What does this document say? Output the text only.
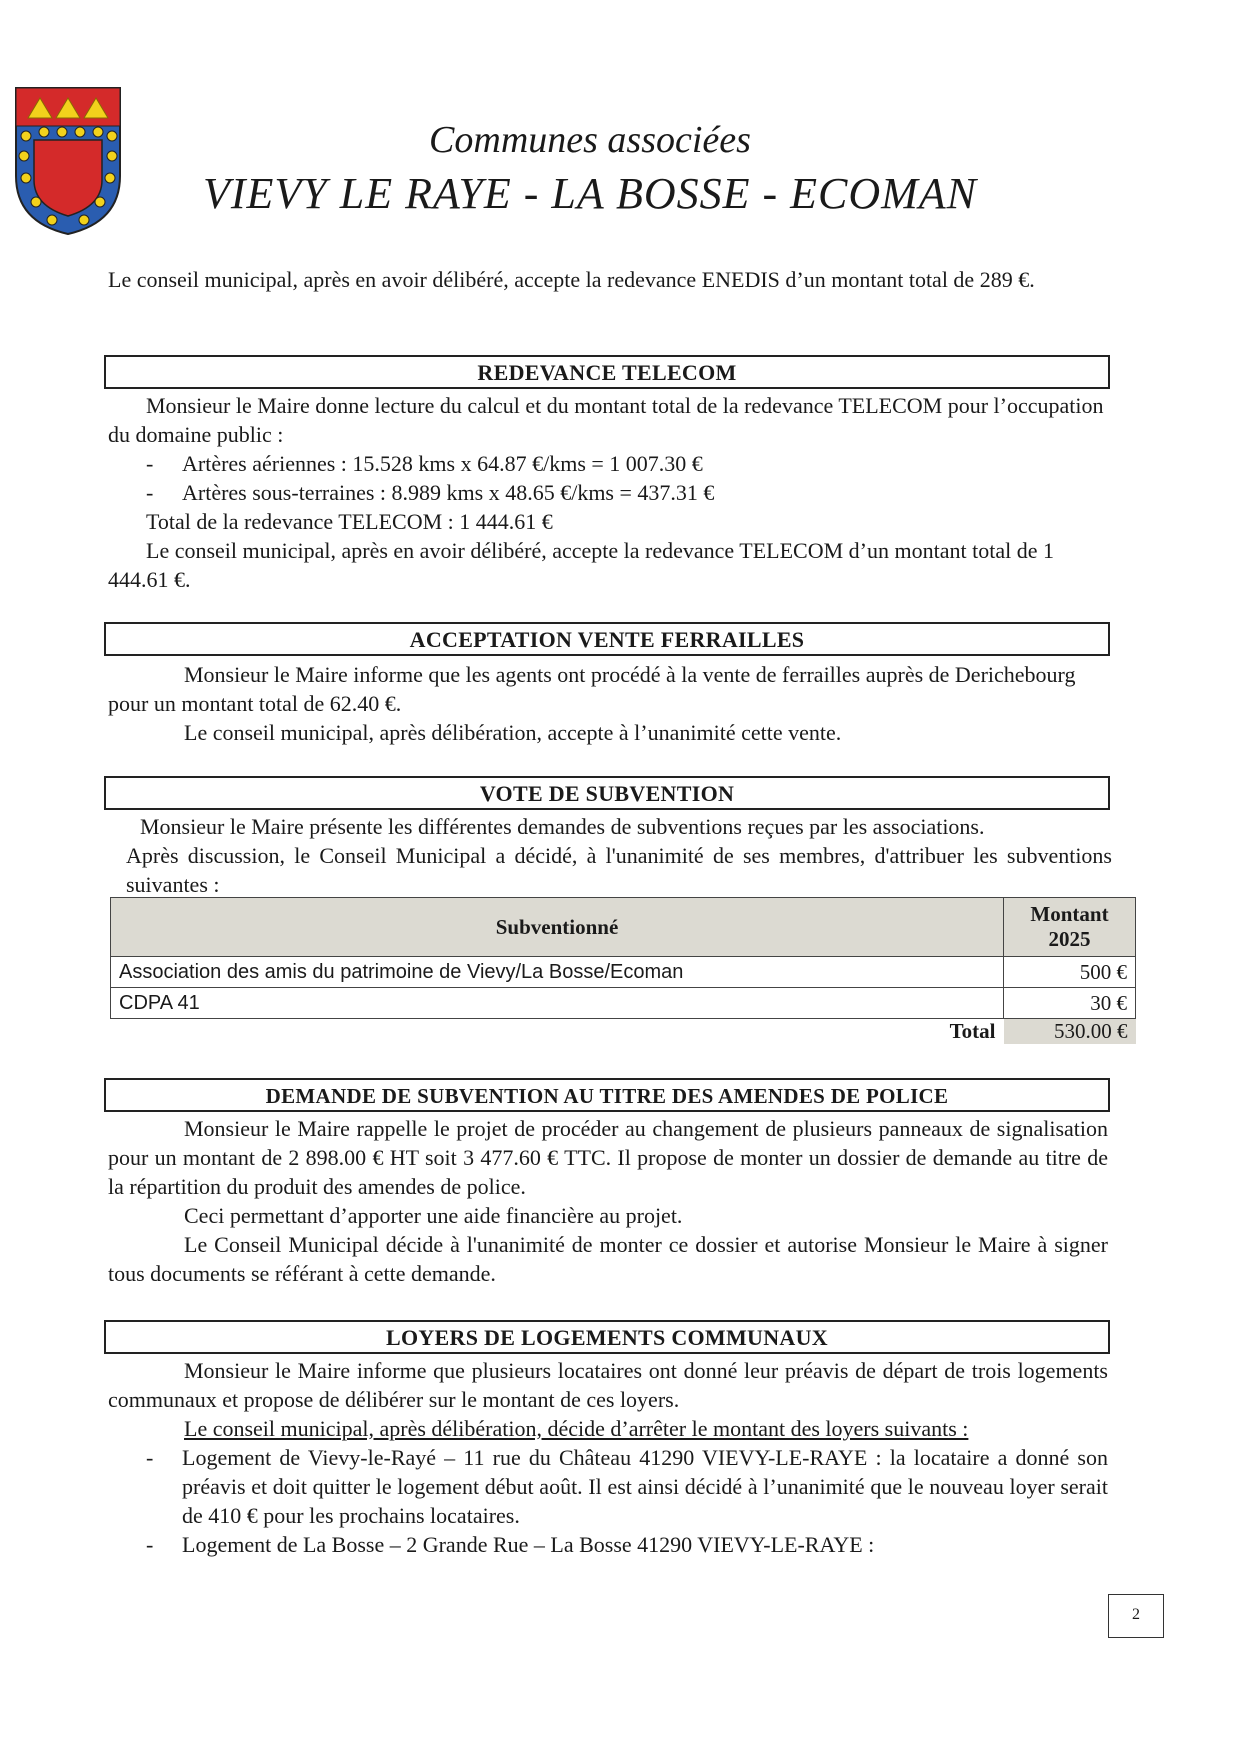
Communes associées
VIEVY LE RAYE - LA BOSSE - ECOMAN

Le conseil municipal, après en avoir délibéré, accepte la redevance ENEDIS d’un montant total de 289 €.

REDEVANCE TELECOM

Monsieur le Maire donne lecture du calcul et du montant total de la redevance TELECOM pour l’occupation du domaine public :

- Artères aériennes : 15.528 kms x 64.87 €/kms = 1 007.30 €
- Artères sous-terraines : 8.989 kms x 48.65 €/kms = 437.31 €

Total de la redevance TELECOM : 1 444.61 €

Le conseil municipal, après en avoir délibéré, accepte la redevance TELECOM d’un montant total de 1 444.61 €.

ACCEPTATION VENTE FERRAILLES

Monsieur le Maire informe que les agents ont procédé à la vente de ferrailles auprès de Derichebourg pour un montant total de 62.40 €.

Le conseil municipal, après délibération, accepte à l’unanimité cette vente.

VOTE DE SUBVENTION

Monsieur le Maire présente les différentes demandes de subventions reçues par les associations.

Après discussion, le Conseil Municipal a décidé, à l'unanimité de ses membres, d'attribuer les subventions suivantes :

Subventionné	Montant 2025
Association des amis du patrimoine de Vievy/La Bosse/Ecoman	500 €
CDPA 41	30 €
Total	530.00 €
DEMANDE DE SUBVENTION AU TITRE DES AMENDES DE POLICE

Monsieur le Maire rappelle le projet de procéder au changement de plusieurs panneaux de signalisation pour un montant de 2 898.00 € HT soit 3 477.60 € TTC. Il propose de monter un dossier de demande au titre de la répartition du produit des amendes de police.

Ceci permettant d’apporter une aide financière au projet.

Le Conseil Municipal décide à l'unanimité de monter ce dossier et autorise Monsieur le Maire à signer tous documents se référant à cette demande.

LOYERS DE LOGEMENTS COMMUNAUX

Monsieur le Maire informe que plusieurs locataires ont donné leur préavis de départ de trois logements communaux et propose de délibérer sur le montant de ces loyers.

Le conseil municipal, après délibération, décide d’arrêter le montant des loyers suivants :

- Logement de Vievy-le-Rayé – 11 rue du Château 41290 VIEVY-LE-RAYE : la locataire a donné son préavis et doit quitter le logement début août. Il est ainsi décidé à l’unanimité que le nouveau loyer serait de 410 € pour les prochains locataires.
- Logement de La Bosse – 2 Grande Rue – La Bosse 41290 VIEVY-LE-RAYE :
2
